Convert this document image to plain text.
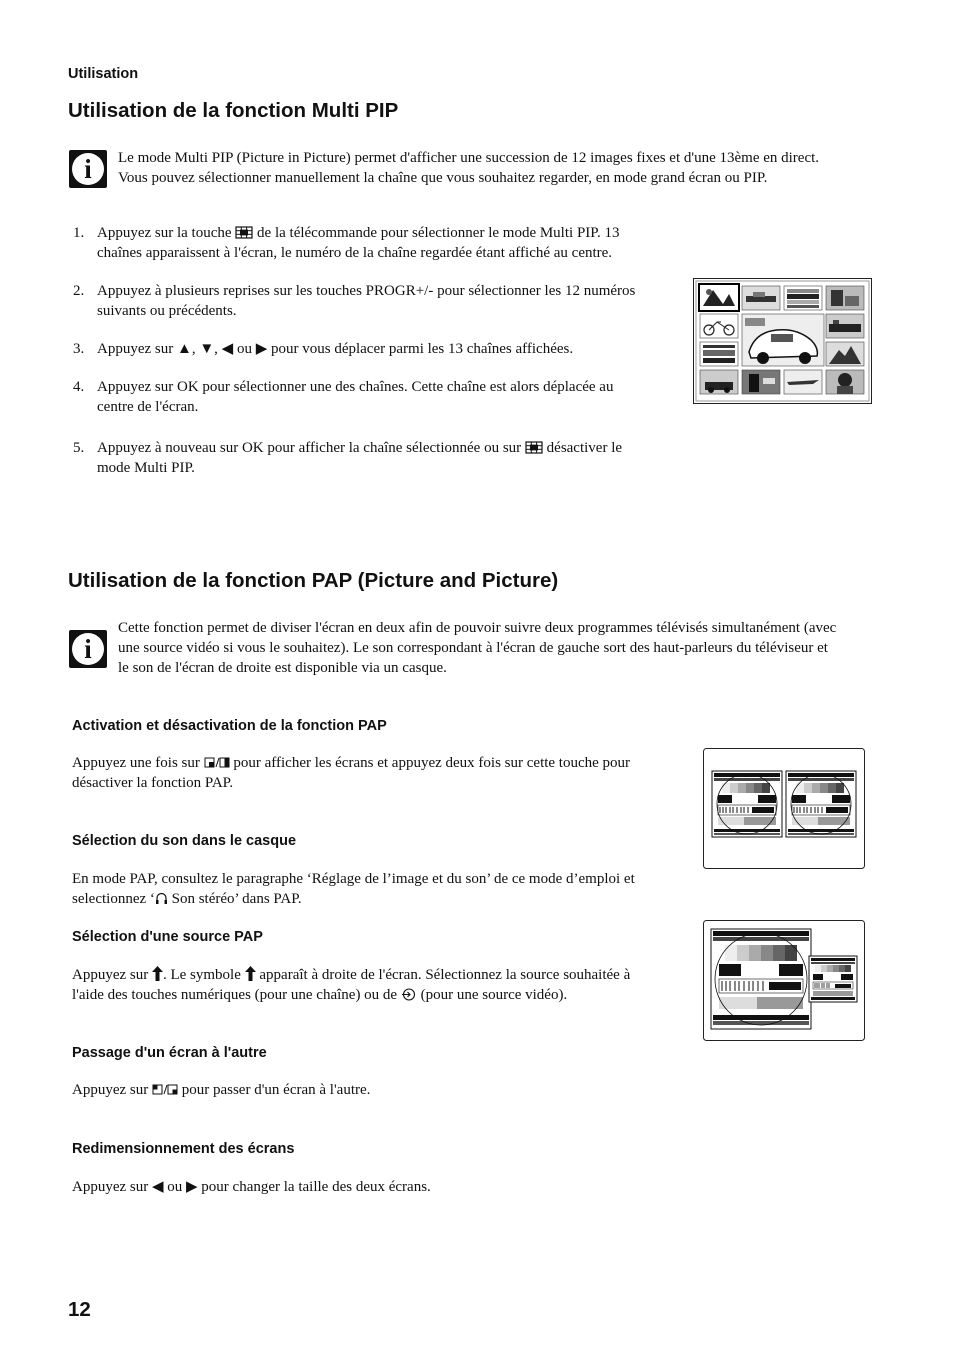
Utilisation
Utilisation de la fonction Multi PIP
i	Le mode Multi PIP (Picture in Picture) permet d'afficher une succession de 12 images fixes et d'une 13ème en direct.

Vous pouvez sélectionner manuellement la chaîne que vous souhaitez regarder, en mode grand écran ou PIP.

1. Appuyez sur la touche de la télécommande pour sélectionner le mode Multi PIP. 13
chaînes apparaissent à l'écran, le numéro de la chaîne regardée étant affiché au centre.
2. Appuyez à plusieurs reprises sur les touches PROGR+/- pour sélectionner les 12 numéros
suivants ou précédents.
3. Appuyez sur ▲, ▼, ◀ ou ▶ pour vous déplacer parmi les 13 chaînes affichées.
4. Appuyez sur OK pour sélectionner une des chaînes. Cette chaîne est alors déplacée au
centre de l'écran.
5. Appuyez à nouveau sur OK pour afficher la chaîne sélectionnée ou sur désactiver le
mode Multi PIP.
Utilisation de la fonction PAP (Picture and Picture)
i

Cette fonction permet de diviser l'écran en deux afin de pouvoir suivre deux programmes télévisés simultanément (avec

une source vidéo si vous le souhaitez). Le son correspondant à l'écran de gauche sort des haut-parleurs du téléviseur et

le son de l'écran de droite est disponible via un casque.

Activation et désactivation de la fonction PAP

Appuyez une fois sur pour afficher les écrans et appuyez deux fois sur cette touche pour
désactiver la fonction PAP.

Sélection du son dans le casque

En mode PAP, consultez le paragraphe ‘Réglage de l’image et du son’ de ce mode d’emploi et
selectionnez ‘ Son stéréo’ dans PAP.

Sélection d'une source PAP

Appuyez sur . Le symbole apparaît à droite de l'écran. Sélectionnez la source souhaitée à
l'aide des touches numériques (pour une chaîne) ou de (pour une source vidéo).

Passage d'un écran à l'autre

Appuyez sur pour passer d'un écran à l'autre.

Redimensionnement des écrans

Appuyez sur ◀ ou ▶ pour changer la taille des deux écrans.

12
